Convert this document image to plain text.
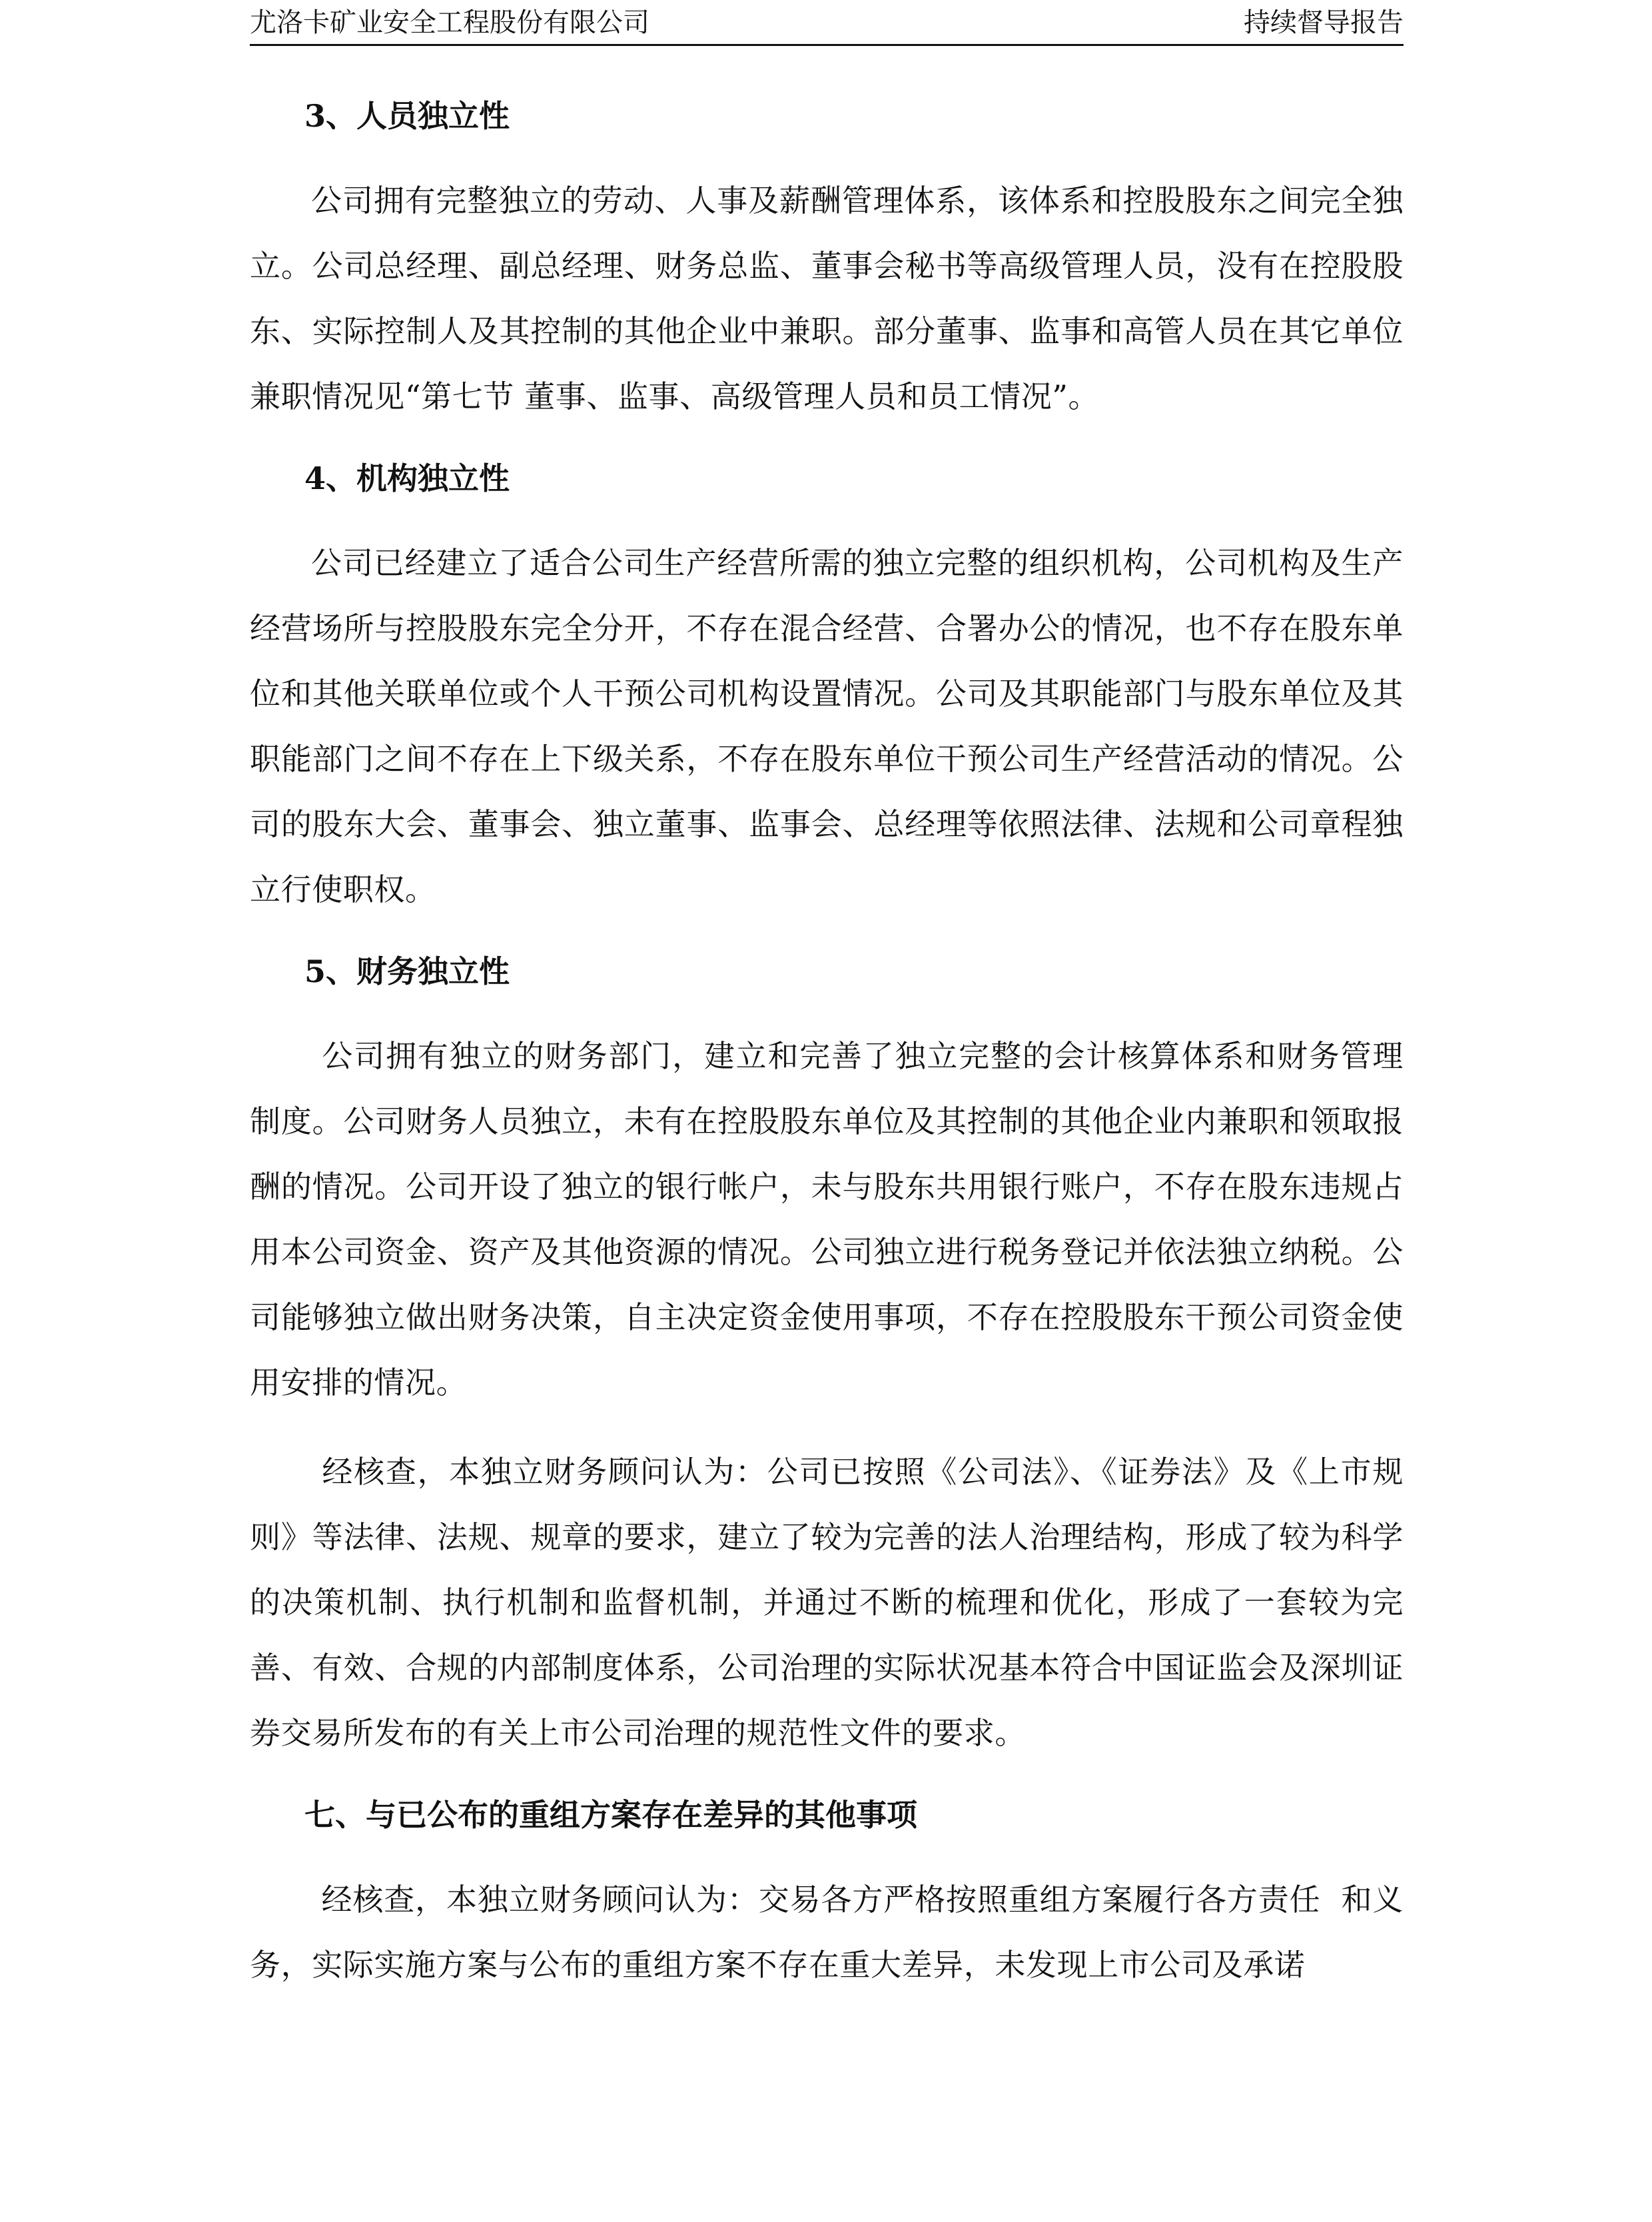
尤洛卡矿业安全工程股份有限公司	持续督导报告
3、人员独立性

公司拥有完整独立的劳动、人事及薪酬管理体系，该体系和控股股东之间完全独立。公司总经理、副总经理、财务总监、董事会秘书等高级管理人员，没有在控股股东、实际控制人及其控制的其他企业中兼职。部分董事、监事和高管人员在其它单位兼职情况见“第七节 董事、监事、高级管理人员和员工情况”。

4、机构独立性

公司已经建立了适合公司生产经营所需的独立完整的组织机构，公司机构及生产经营场所与控股股东完全分开，不存在混合经营、合署办公的情况，也不存在股东单位和其他关联单位或个人干预公司机构设置情况。公司及其职能部门与股东单位及其职能部门之间不存在上下级关系，不存在股东单位干预公司生产经营活动的情况。公司的股东大会、董事会、独立董事、监事会、总经理等依照法律、法规和公司章程独立行使职权。

5、财务独立性

公司拥有独立的财务部门，建立和完善了独立完整的会计核算体系和财务管理制度。公司财务人员独立，未有在控股股东单位及其控制的其他企业内兼职和领取报酬的情况。公司开设了独立的银行帐户，未与股东共用银行账户，不存在股东违规占用本公司资金、资产及其他资源的情况。公司独立进行税务登记并依法独立纳税。公司能够独立做出财务决策，自主决定资金使用事项，不存在控股股东干预公司资金使用安排的情况。

经核查，本独立财务顾问认为：公司已按照《公司法》、《证券法》及《上市规则》等法律、法规、规章的要求，建立了较为完善的法人治理结构，形成了较为科学的决策机制、执行机制和监督机制，并通过不断的梳理和优化，形成了一套较为完善、有效、合规的内部制度体系，公司治理的实际状况基本符合中国证监会及深圳证券交易所发布的有关上市公司治理的规范性文件的要求。

七、与已公布的重组方案存在差异的其他事项

经核查，本独立财务顾问认为：交易各方严格按照重组方案履行各方责任  和义务，实际实施方案与公布的重组方案不存在重大差异，未发现上市公司及承诺
